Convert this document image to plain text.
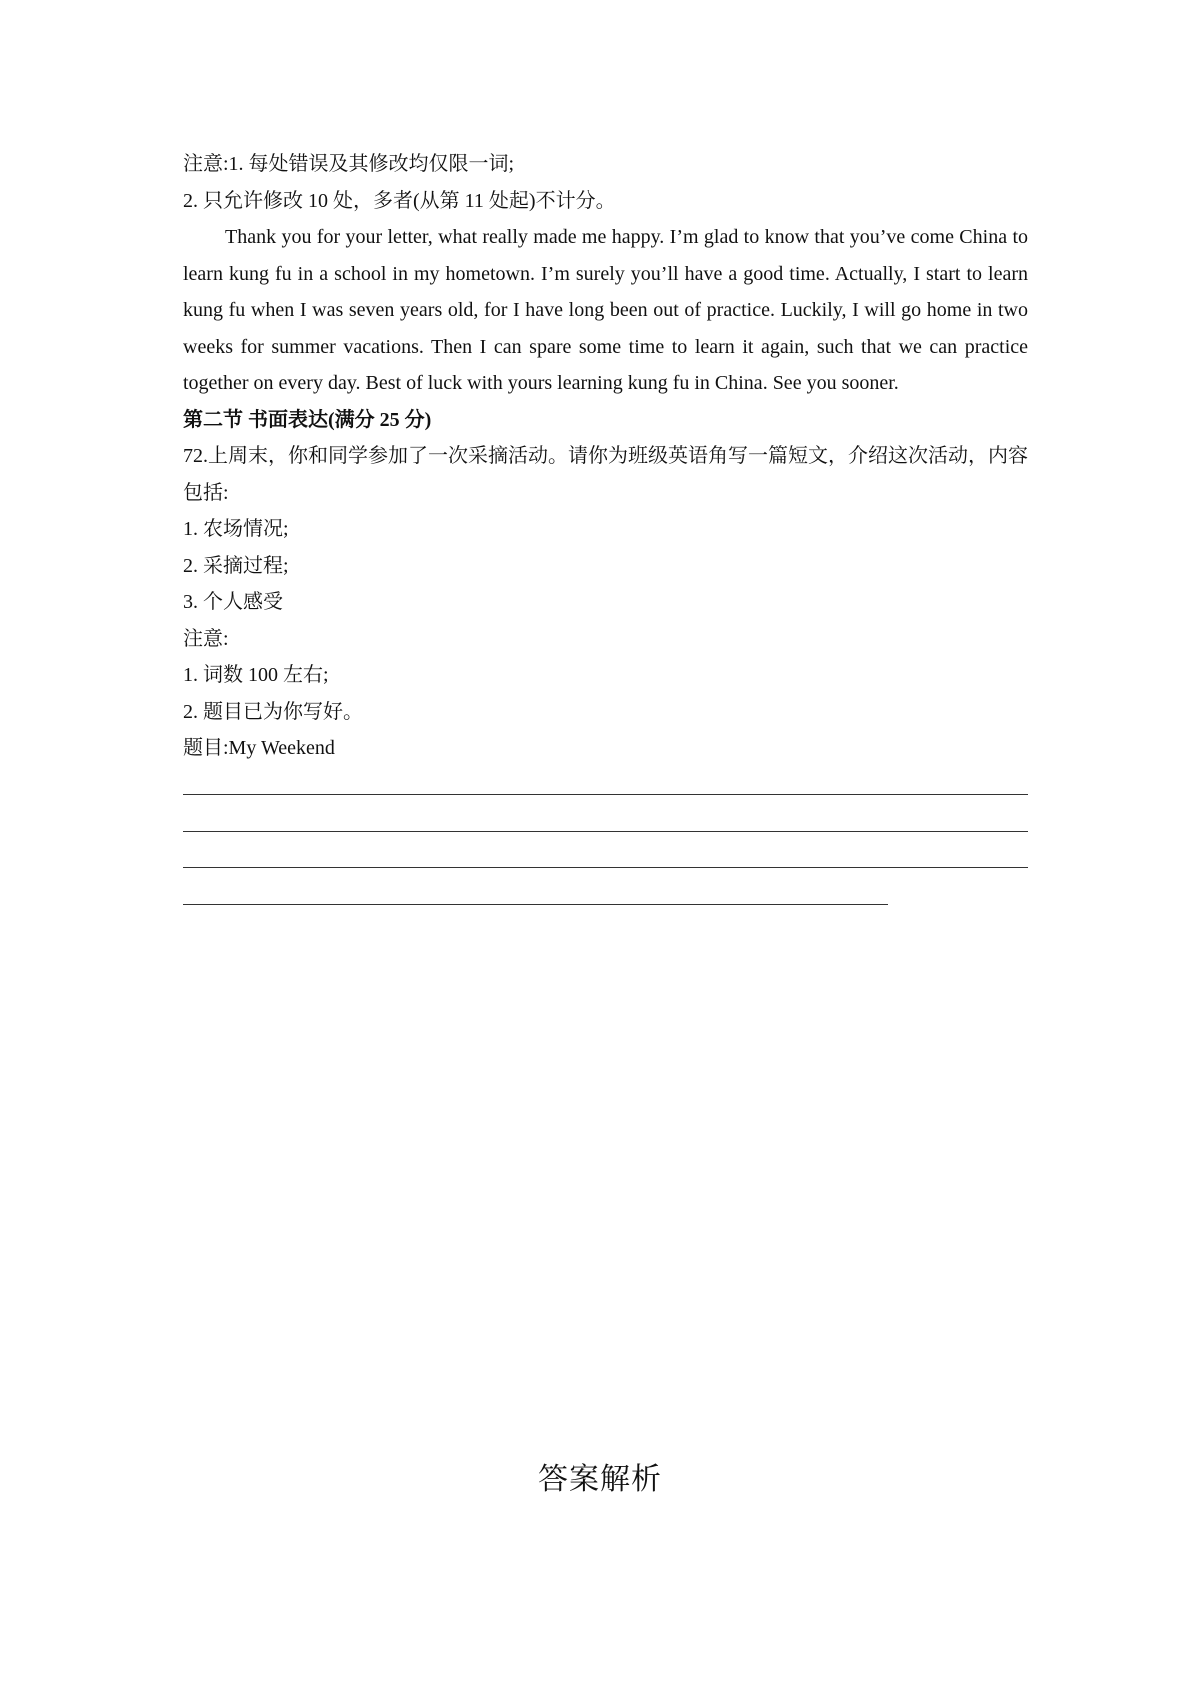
注意:1. 每处错误及其修改均仅限一词;
2. 只允许修改 10 处，多者(从第 11 处起)不计分。

Thank you for your letter, what really made me happy. I’m glad to know that you’ve come China to learn kung fu in a school in my hometown. I’m surely you’ll have a good time. Actually, I start to learn kung fu when I was seven years old, for I have long been out of practice. Luckily, I will go home in two weeks for summer vacations. Then I can spare some time to learn it again, such that we can practice together on every day. Best of luck with yours learning kung fu in China. See you sooner.

第二节 书面表达(满分 25 分)

72.上周末，你和同学参加了一次采摘活动。请你为班级英语角写一篇短文，介绍这次活动，内容包括:

1. 农场情况;
2. 采摘过程;
3. 个人感受
注意:
1. 词数 100 左右;
2. 题目已为你写好。
题目:My Weekend
答案解析
